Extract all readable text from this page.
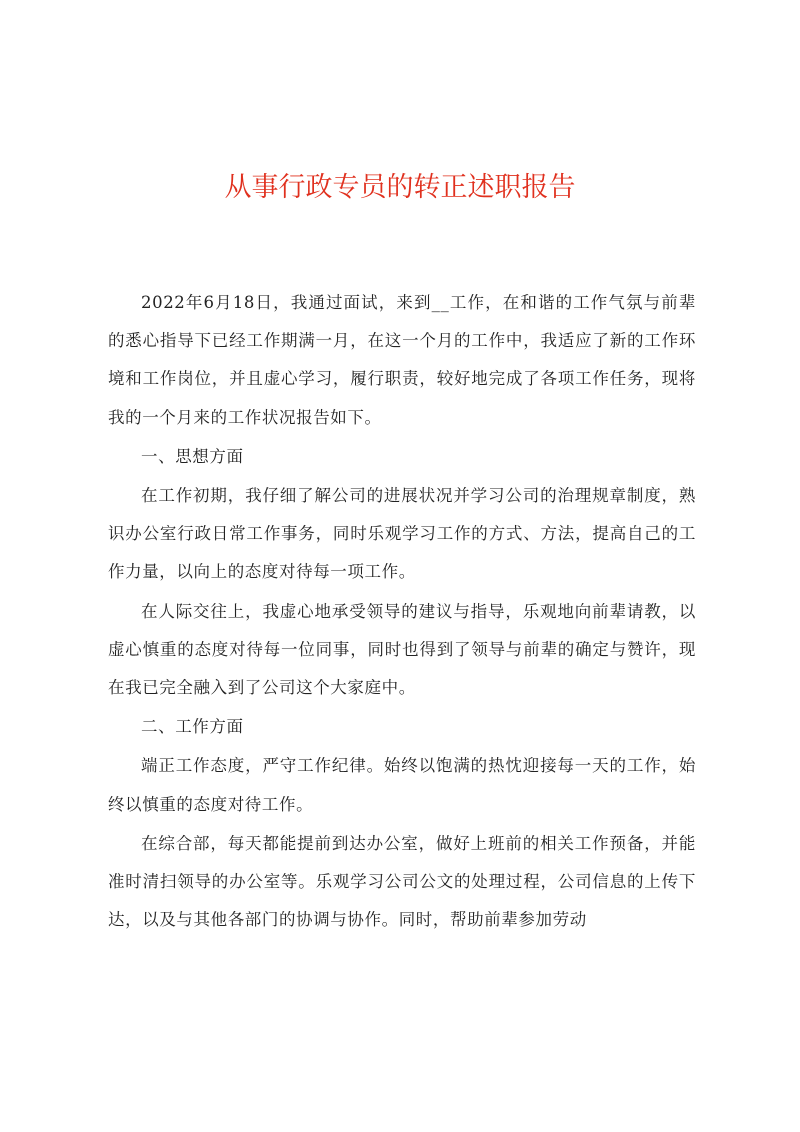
从事行政专员的转正述职报告

2022年6月18日，我通过面试，来到__工作，在和谐的工作气氛与前辈的悉心指导下已经工作期满一月，在这一个月的工作中，我适应了新的工作环境和工作岗位，并且虚心学习，履行职责，较好地完成了各项工作任务，现将我的一个月来的工作状况报告如下。

一、思想方面

在工作初期，我仔细了解公司的进展状况并学习公司的治理规章制度，熟识办公室行政日常工作事务，同时乐观学习工作的方式、方法，提高自己的工作力量，以向上的态度对待每一项工作。

在人际交往上，我虚心地承受领导的建议与指导，乐观地向前辈请教，以虚心慎重的态度对待每一位同事，同时也得到了领导与前辈的确定与赞许，现在我已完全融入到了公司这个大家庭中。

二、工作方面

端正工作态度，严守工作纪律。始终以饱满的热忱迎接每一天的工作，始终以慎重的态度对待工作。

在综合部，每天都能提前到达办公室，做好上班前的相关工作预备，并能准时清扫领导的办公室等。乐观学习公司公文的处理过程，公司信息的上传下达，以及与其他各部门的协调与协作。同时，帮助前辈参加劳动
